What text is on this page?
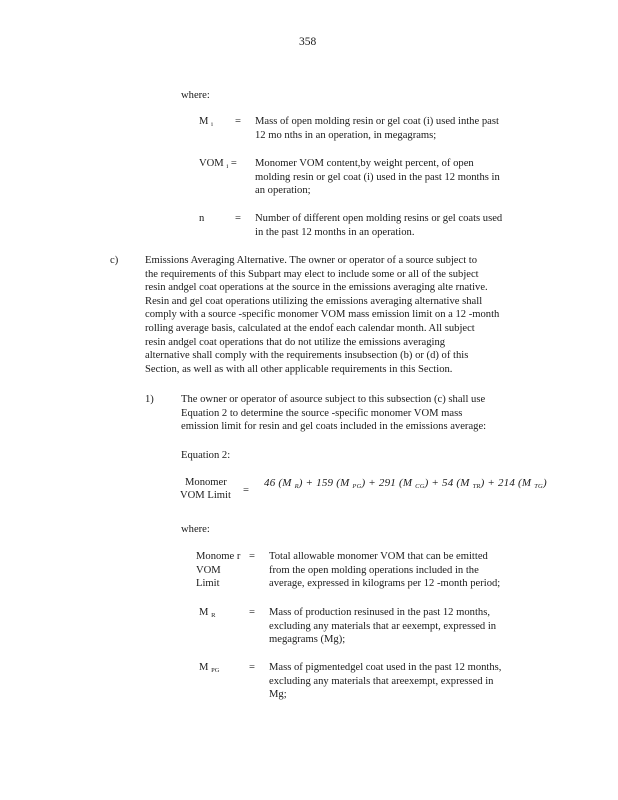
358
where:
M $_i$ = Mass of open molding resin or gel coat (i) used inthe past
12 mo nths in an operation, in megagrams;
VOM $_i$ = Monomer VOM content,by weight percent, of open
molding resin or gel coat (i) used in the past 12 months in
an operation;
n	= Number of different open molding resins or gel coats used
in the past 12 months in an operation.
c)	Emissions Averaging Alternative. The owner or operator of a source subject to
the requirements of this Subpart may elect to include some or all of the subject
resin andgel coat operations at the source in the emissions averaging alte rnative.
Resin and gel coat operations utilizing the emissions averaging alternative shall
comply with a source -specific monomer VOM mass emission limit on a 12 -month
rolling average basis, calculated at the endof each calendar month. All subject
resin andgel coat operations that do not utilize the emissions averaging
alternative shall comply with the requirements insubsection (b) or (d) of this
Section, as well as with all other applicable requirements in this Section.
1)	The owner or operator of asource subject to this subsection (c) shall use
Equation 2 to determine the source -specific monomer VOM mass
emission limit for resin and gel coats included in the emissions average:
Equation 2:
Monomer
VOM Limit =
46 (M $_R$) + 159 (M $_{PG}$) + 291 (M $_{CG}$) + 54 (M $_{TR}$) + 214 (M $_{TG}$)
where:
Monome r
VOM
Limit
= Total allowable monomer VOM that can be emitted
from the open molding operations included in the
average, expressed in kilograms per 12 -month period;
M $_R$	= Mass of production resinused in the past 12 months,
excluding any materials that ar eexempt, expressed in
megagrams (Mg);
M $_{PG}$	= Mass of pigmentedgel coat used in the past 12 months,
excluding any materials that areexempt, expressed in
Mg;
